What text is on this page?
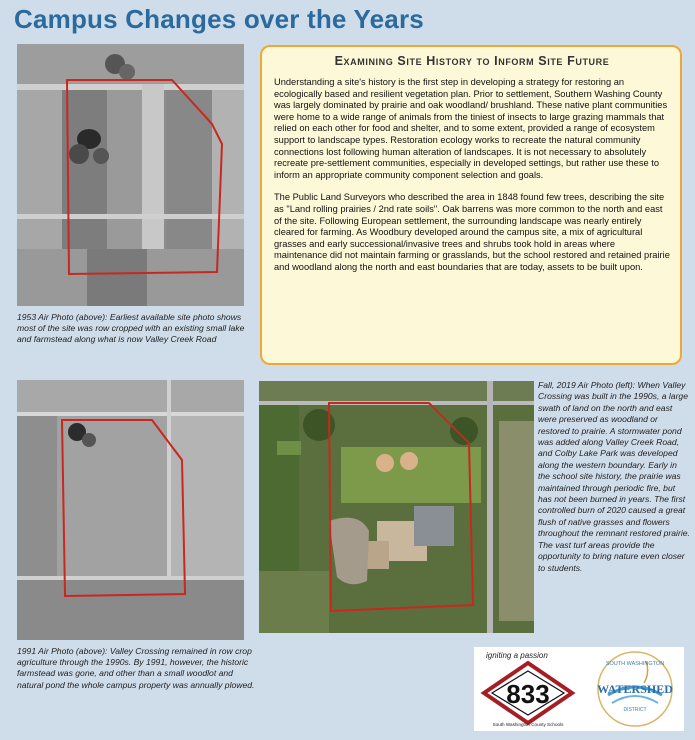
Campus Changes over the Years
1953 Air Photo (above): Earliest available site photo shows most of the site was row cropped with an existing small lake and farmstead along what is now Valley Creek Road
1991 Air Photo (above): Valley Crossing remained in row crop agriculture through the 1990s. By 1991, however, the historic farmstead was gone, and other than a small woodlot and natural pond the whole campus property was annually plowed.
Fall, 2019 Air Photo (left): When Valley Crossing was built in the 1990s, a large swath of land on the north and east were preserved as woodland or restored to prairie. A stormwater pond was added along Valley Creek Road, and Colby Lake Park was developed along the western boundary. Early in the school site history, the prairie was maintained through periodic fire, but has not been burned in years. The first controlled burn of 2020 caused a great flush of native grasses and flowers throughout the remnant restored prairie. The vast turf areas provide the opportunity to bring nature even closer to students.
Examining Site History to Inform Site Future

Understanding a site's history is the first step in developing a strategy for restoring an ecologically based and resilient vegetation plan. Prior to settlement, Southern Washing County was largely dominated by prairie and oak woodland/ brushland. These native plant communities were home to a wide range of animals from the tiniest of insects to large grazing mammals that relied on each other for food and shelter, and to some extent, provided a range of ecosystem support to landscape types. Restoration ecology works to recreate the natural community connections lost following human alteration of landscapes. It is not necessary to absolutely recreate pre-settlement communities, especially in developed settings, but rather use these to inform an appropriate community component selection and goals.

The Public Land Surveyors who described the area in 1848 found few trees, describing the site as "Land rolling prairies / 2nd rate soils". Oak barrens was more common to the north and east of the site. Following European settlement, the surrounding landscape was nearly entirely cleared for farming. As Woodbury developed around the campus site, a mix of agricultural grasses and early successional/invasive trees and shrubs took hold in areas where maintenance did not maintain farming or grasslands, but the school restored and retained prairie and woodland along the north and east boundaries that are today, assets to be built upon.

igniting a passion
833
South Washington County Schools
SOUTH WASHINGTON
WATERSHED
DISTRICT
